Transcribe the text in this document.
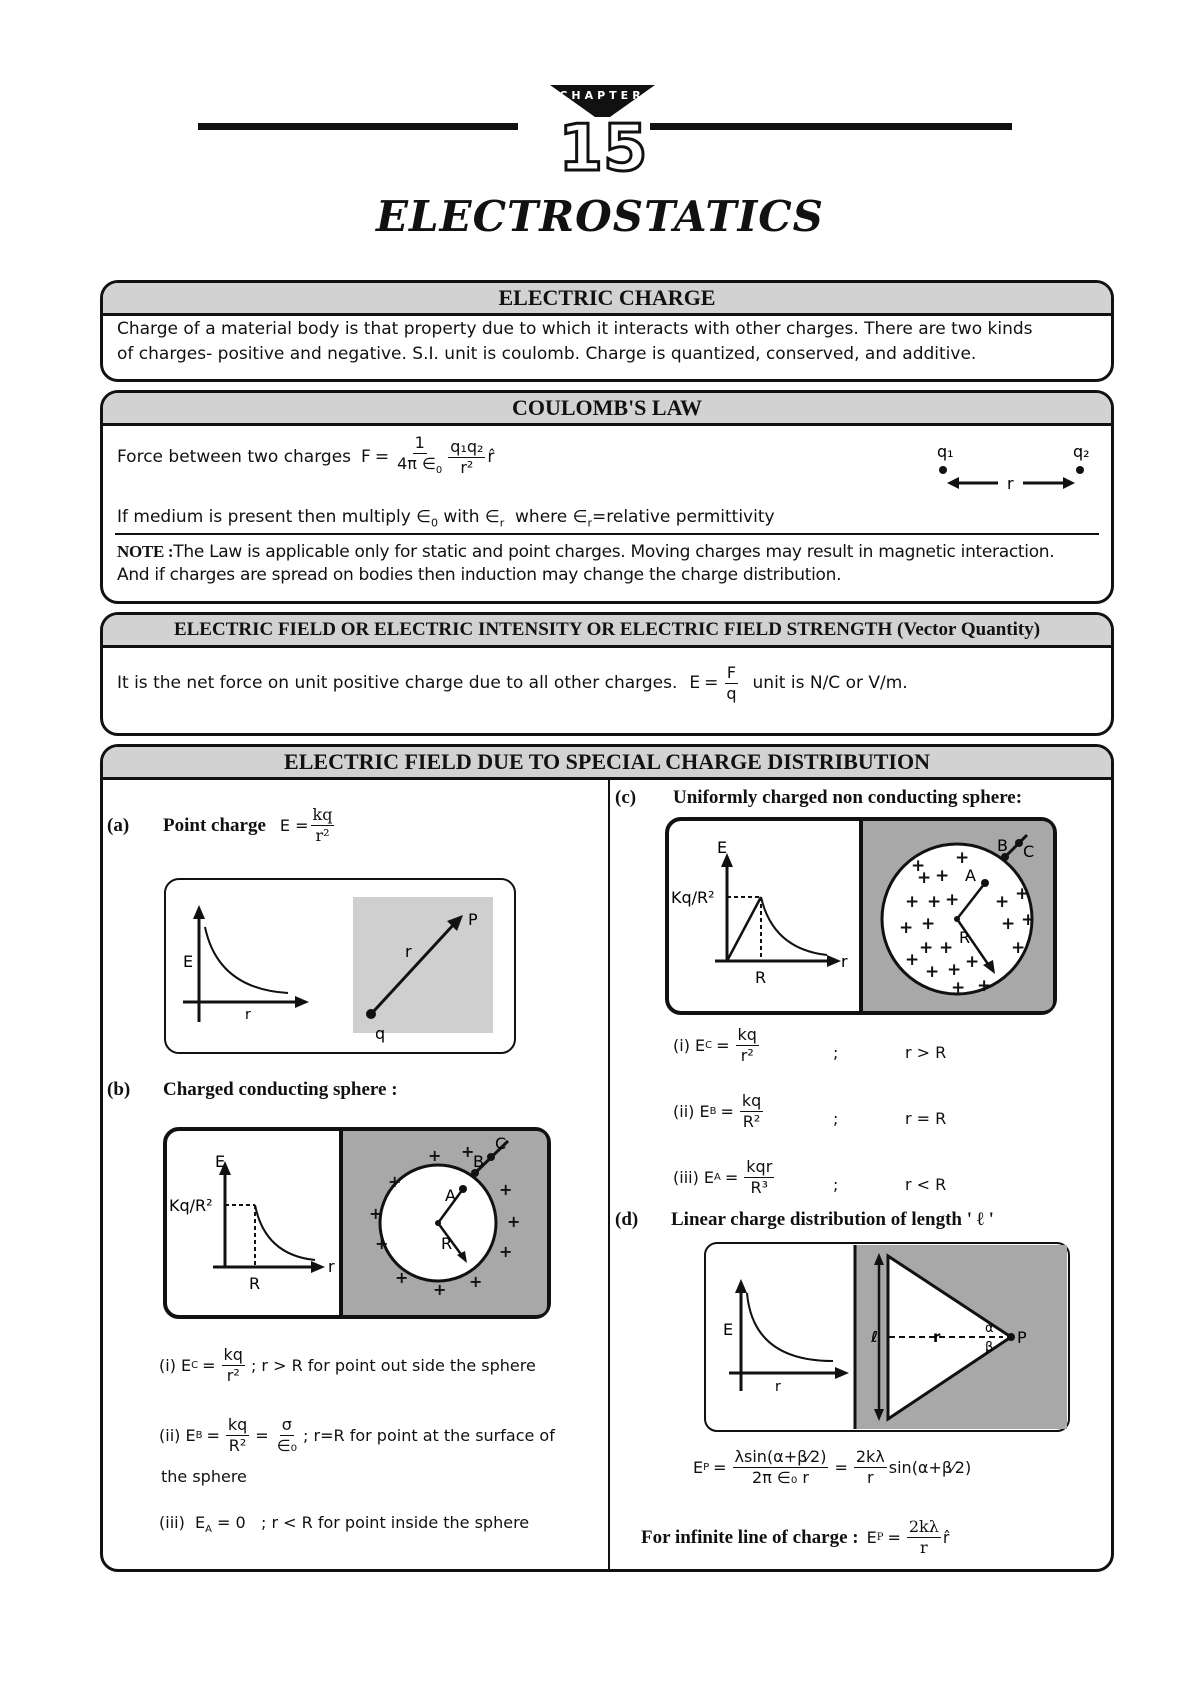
CHAPTER
15
ELECTROSTATICS
ELECTRIC CHARGE
Charge of a material body is that property due to which it interacts with other charges. There are two kinds
of charges- positive and negative. S.I. unit is coulomb. Charge is quantized, conserved, and additive.
COULOMB'S LAW
Force between two charges $F = \frac{1}{4\pi \in_0} \frac{\text{q₁q₂}}{\text{r²}}$ r̂
If medium is present then multiply $\in_0$ with $\in_r$ where $\in_r=relative$ permittivity
NOTE :The Law is applicable only for static and point charges. Moving charges may result in magnetic interaction.
And if charges are spread on bodies then induction may change the charge distribution.
q₁	q₂
r
ELECTRIC FIELD OR ELECTRIC INTENSITY OR ELECTRIC FIELD STRENGTH (Vector Quantity)
It is the net force on unit positive charge due to all other charges. $E = \frac{F}{q}$ unit is N/C or V/m.
ELECTRIC FIELD DUE TO SPECIAL CHARGE DISTRIBUTION
(a) Point charge $E = \frac{kq}{\text{r²}}$
E
r
P
r
q
(b) Charged conducting sphere :
E
Kq/R²
R
r
A
B
C
R
+
+ +
+
+
+
+
+
+
+
+
(i)
E $C = \frac{kq}{\text{r²}}$ ; r > R for point out side the sphere
(ii)
E $B = \frac{kq}{\text{R²}} = \frac{\sigma}{\text{∈₀}}$ ; r=R for point at the surface of
the sphere
(iii) $E_A = 0$ ; r < R for point inside the sphere
(c) Uniformly charged non conducting sphere:
E
Kq/R²
R
r
A
B C
R
+
+ +
+ + + + +
+ +	+ +
+ +	+
+ + +
+
+ +
+
(i)
E $C = \frac{kq}{\text{r²}}$	;	r > R
(ii)
E $B = \frac{kq}{\text{R²}}$	;	r = R
(iii)
E $A = \frac{\text{kqr}}{\text{R³}}$	;	r < R
(d) Linear charge distribution of length ' ℓ '
E
r
ℓ	r	α
β
P
E $P = \frac{\lambda\sin(\alpha+\beta⁄2)}{\text{2π ∈₀ r}} = \frac{2k\lambda}{r}$ sin(α+β⁄2)
For infinite line of charge : E $P = \frac{2k\lambda}{r}$ r̂
